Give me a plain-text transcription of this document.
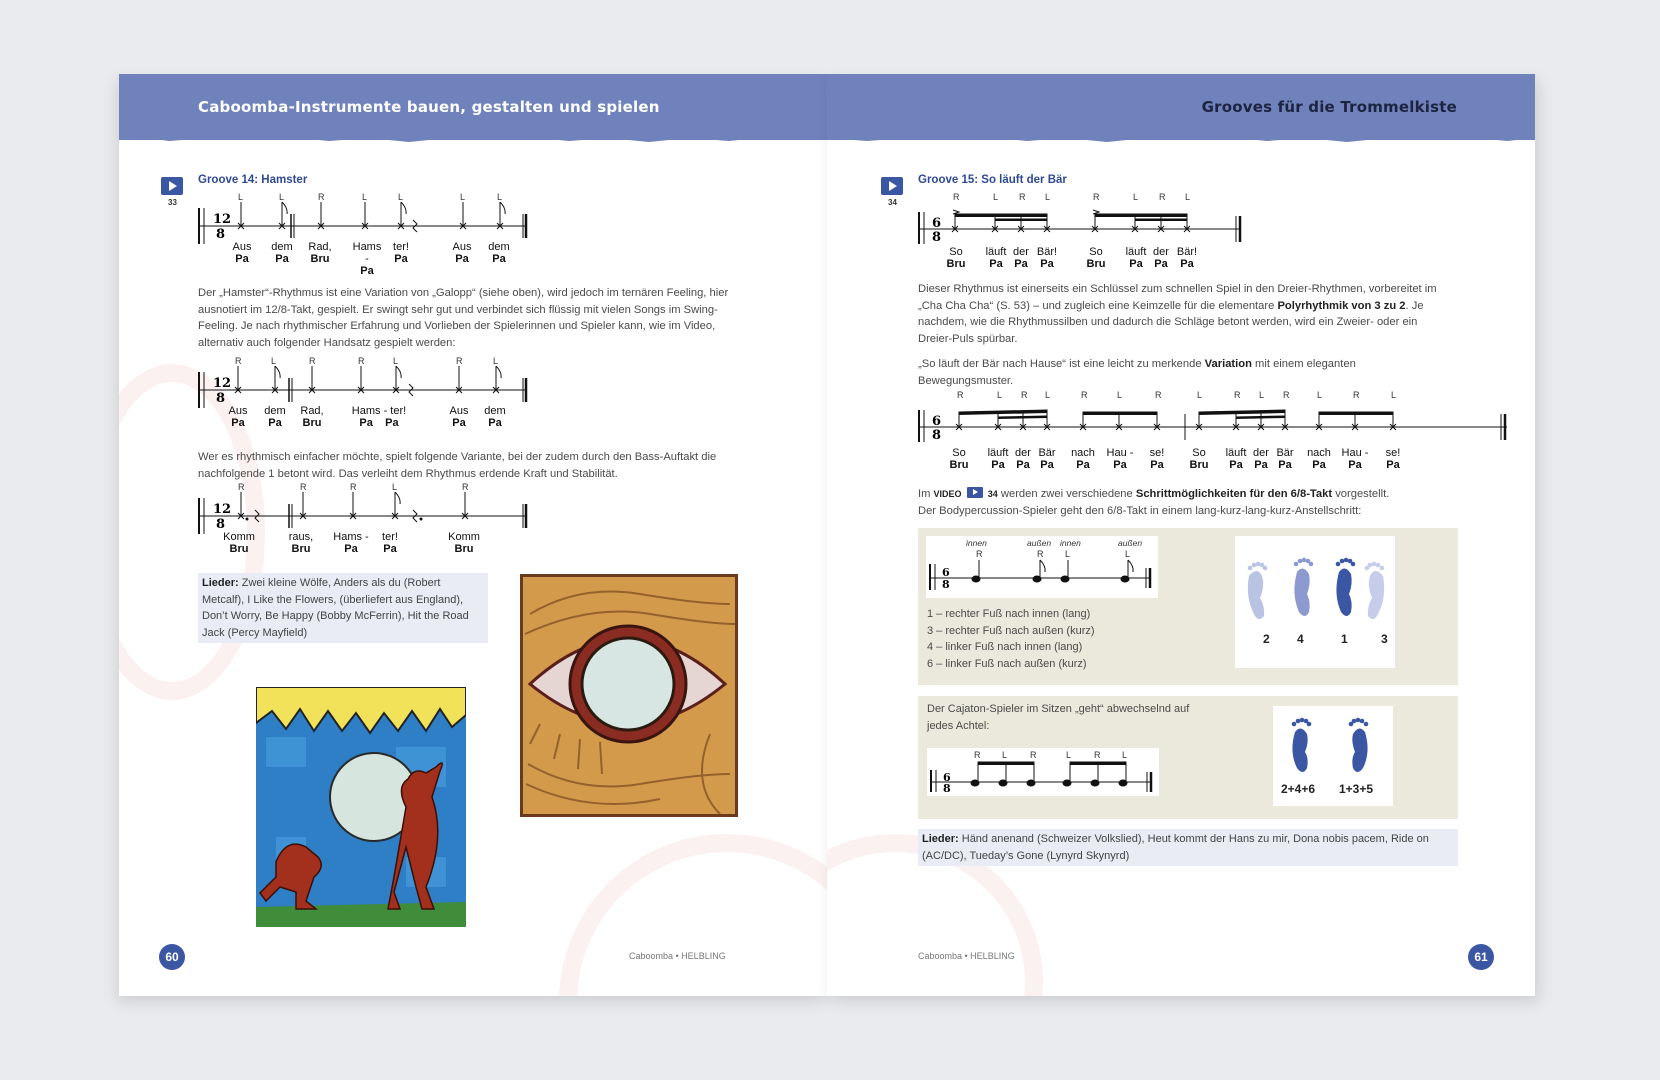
Caboomba-Instrumente bauen, gestalten und spielen
33
Groove 14: Hamster
12
8
L	L	R	L	L	L	L
Aus
Pa
dem
Pa
Rad,
Bru
Hams -
Pa
ter!
Pa
Aus
Pa
dem
Pa
Der „Hamster“-Rhythmus ist eine Variation von „Galopp“ (siehe oben), wird jedoch im ternären Feeling, hier ausnotiert im 12/8-Takt, gespielt. Er swingt sehr gut und verbindet sich flüssig mit vielen Songs im Swing-Feeling. Je nach rhythmischer Erfahrung und Vorlieben der Spielerinnen und Spieler kann, wie im Video, alternativ auch folgender Handsatz gespielt werden:
12
8
R	L	R	R	L	R	L
Aus
Pa
dem
Pa
Rad,
Bru
Hams - ter!
Pa    Pa
Aus
Pa
dem
Pa
Wer es rhythmisch einfacher möchte, spielt folgende Variante, bei der zudem durch den Bass-Auftakt die nachfolgende 1 betont wird. Das verleiht dem Rhythmus erdende Kraft und Stabilität.
12
8
R	R	R	L	R
Komm
Bru
raus,
Bru
Hams -
Pa
ter!
Pa
Komm
Bru
Lieder: Zwei kleine Wölfe, Anders als du (Robert Metcalf), I Like the Flowers, (überliefert aus England), Don’t Worry, Be Happy (Bobby McFerrin), Hit the Road Jack (Percy Mayfield)
60	Caboomba • HELBLING
Grooves für die Trommelkiste
34
Groove 15: So läuft der Bär
6
8
R	L R L	R	L R L
So
Bru
läuft
Pa
der
Pa
Bär!
Pa
So
Bru
läuft
Pa
der
Pa
Bär!
Pa
Dieser Rhythmus ist einerseits ein Schlüssel zum schnellen Spiel in den Dreier-Rhythmen, vorbereitet im „Cha Cha Cha“ (S. 53) – und zugleich eine Keimzelle für die elementare Polyrhythmik von 3 zu 2. Je nachdem, wie die Rhythmussilben und dadurch die Schläge betont werden, wird ein Zweier- oder ein Dreier-Puls spürbar.
„So läuft der Bär nach Hause“ ist eine leicht zu merkende Variation mit einem eleganten Bewegungsmuster.
6
8
R	L R L	R	L	R	L	R L R	L	R	L
So
Bru
läuft
Pa
der
Pa
Bär
Pa
nach
Pa
Hau -
Pa
se!
Pa
So
Bru
läuft
Pa
der
Pa
Bär
Pa
nach
Pa
Hau -
Pa
se!
Pa
Im VIDEO	34 werden zwei verschiedene Schrittmöglichkeiten für den 6/8-Takt vorgestellt.
Der Bodypercussion-Spieler geht den 6/8-Takt in einem lang-kurz-lang-kurz-Anstellschritt:
6
8
innen	außen innen	außen
R	R L	L
1 – rechter Fuß nach innen (lang)
3 – rechter Fuß nach außen (kurz)
4 – linker Fuß nach innen (lang)
6 – linker Fuß nach außen (kurz)
2 4	1	3
Der Cajaton-Spieler im Sitzen „geht“ abwechselnd auf jedes Achtel:
6
8
R L	R	L	R L
2+4+6 1+3+5
Lieder: Händ anenand (Schweizer Volkslied), Heut kommt der Hans zu mir, Dona nobis pacem, Ride on (AC/DC), Tueday’s Gone (Lynyrd Skynyrd)
Caboomba • HELBLING	61
